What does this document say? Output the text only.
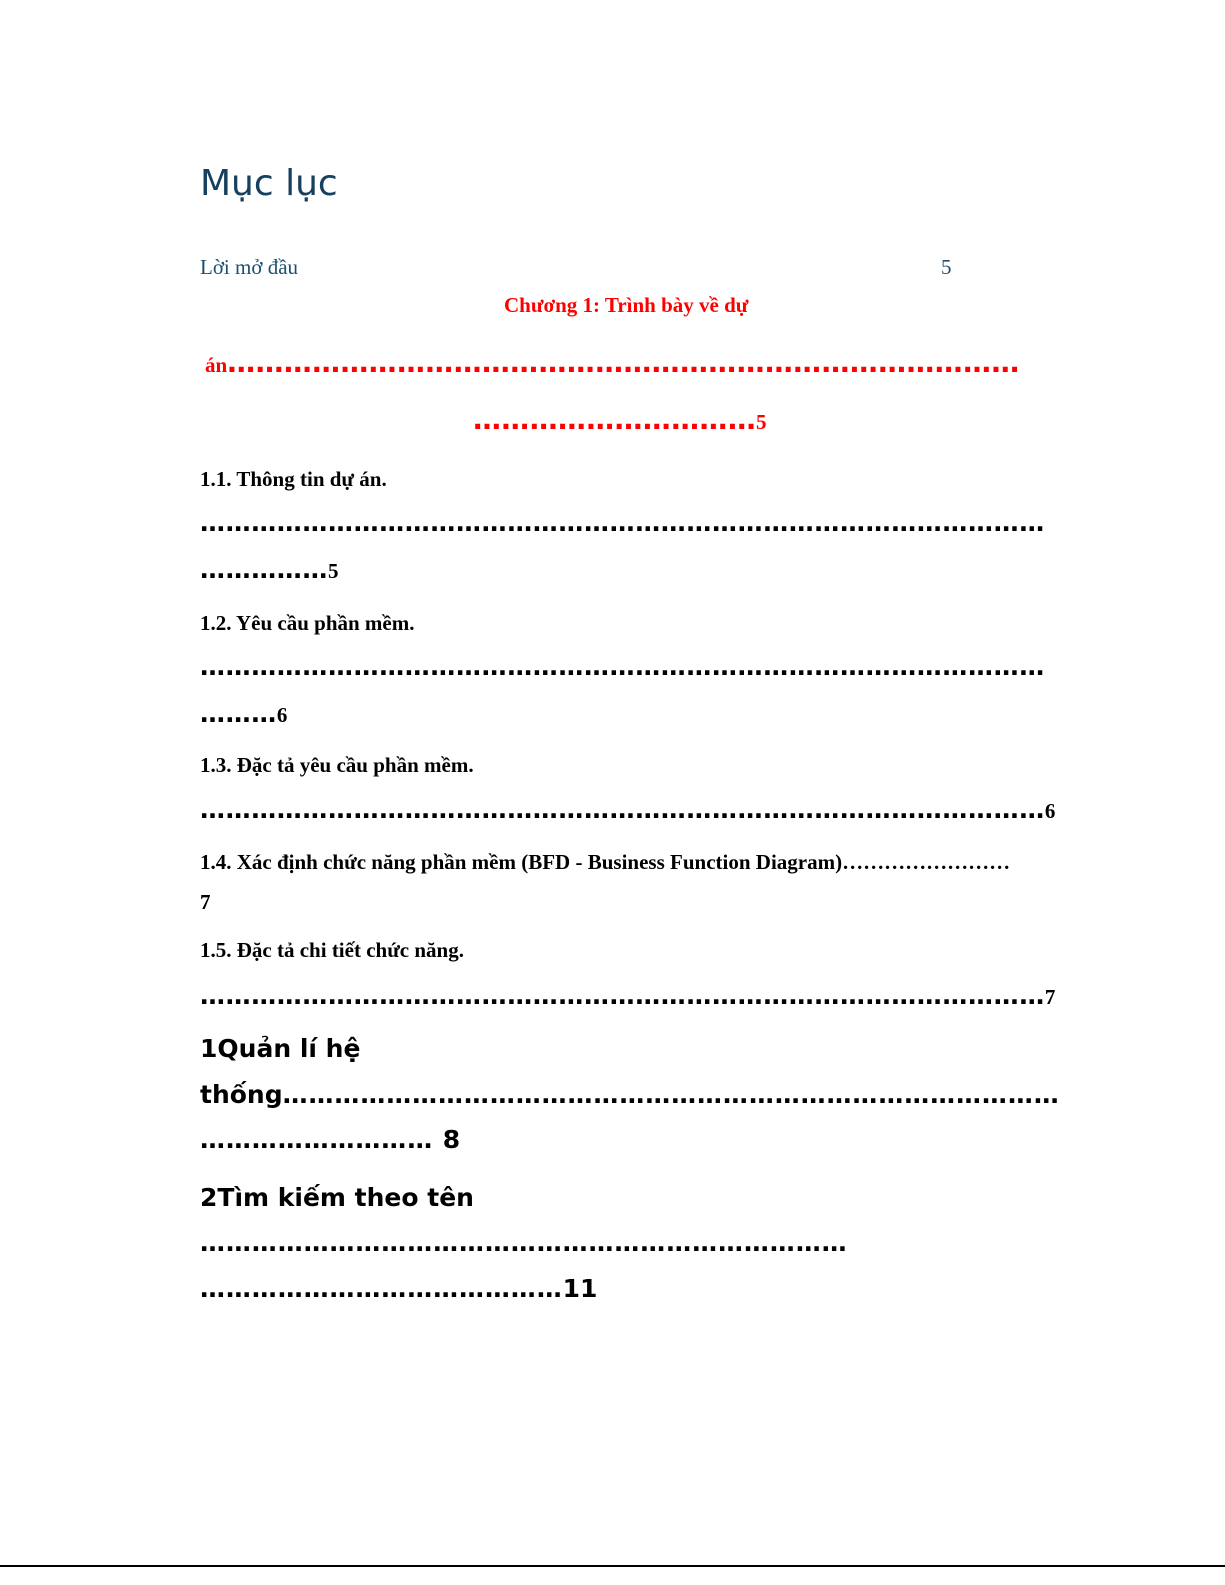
Mục lục
Lời mở đầu	5
Chương 1: Trình bày về dự
án…………………………………………………………………………
…………………………5
1.1. Thông tin dự án.
………………………………………………………………………………………
……………5
1.2. Yêu cầu phần mềm.
………………………………………………………………………………………
………6
1.3. Đặc tả yêu cầu phần mềm.
………………………………………………………………………………………6
1.4. Xác định chức năng phần mềm (BFD - Business Function Diagram)……………………
7
1.5. Đặc tả chi tiết chức năng.
………………………………………………………………………………………7
1Quản lí hệ
thống………………………………………………………………………………
……………………… 8
2Tìm kiếm theo tên
…………………………………………………………………
……………………………………11
